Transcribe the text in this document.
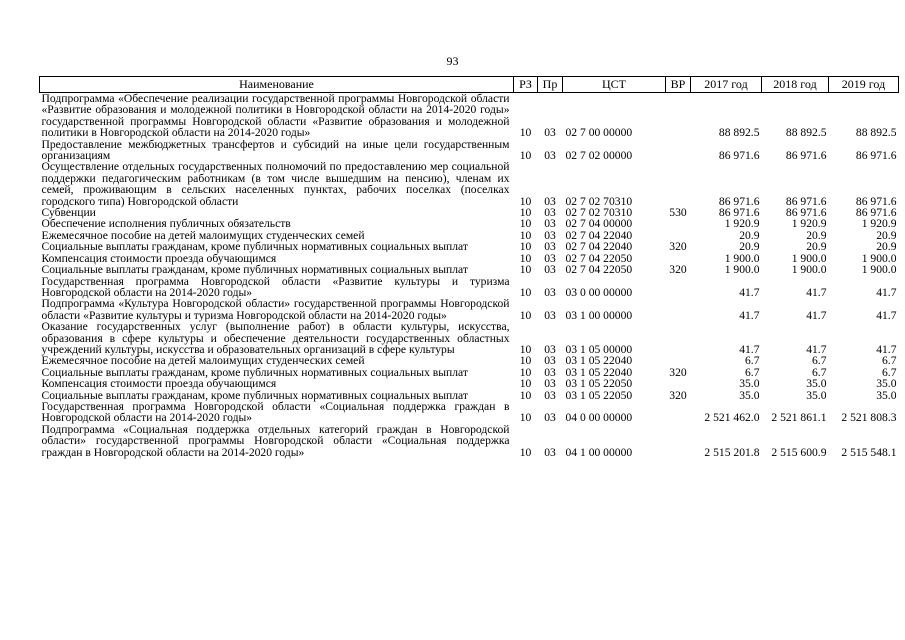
93
Наименование	РЗ	Пр	ЦСТ	ВР	2017 год	2018 год	2019 год
Подпрограмма «Обеспечение реализации государственной программы Новгородской области «Развитие образования и молодежной политики в Новгородской области на 2014-2020 годы» государственной программы Новгородской области «Развитие образования и молодежной политики в Новгородской области на 2014-2020 годы»	10	03	02 7 00 00000		88 892.5	88 892.5	88 892.5
Предоставление межбюджетных трансфертов и субсидий на иные цели государственным организациям	10	03	02 7 02 00000		86 971.6	86 971.6	86 971.6
Осуществление отдельных государственных полномочий по предоставлению мер социальной поддержки педагогическим работникам (в том числе вышедшим на пенсию), членам их семей, проживающим в сельских населенных пунктах, рабочих поселках (поселках городского типа) Новгородской области	10	03	02 7 02 70310		86 971.6	86 971.6	86 971.6
Субвенции	10	03	02 7 02 70310	530	86 971.6	86 971.6	86 971.6
Обеспечение исполнения публичных обязательств	10	03	02 7 04 00000		1 920.9	1 920.9	1 920.9
Ежемесячное пособие на детей малоимущих студенческих семей	10	03	02 7 04 22040		20.9	20.9	20.9
Социальные выплаты гражданам, кроме публичных нормативных социальных выплат	10	03	02 7 04 22040	320	20.9	20.9	20.9
Компенсация стоимости проезда обучающимся	10	03	02 7 04 22050		1 900.0	1 900.0	1 900.0
Социальные выплаты гражданам, кроме публичных нормативных социальных выплат	10	03	02 7 04 22050	320	1 900.0	1 900.0	1 900.0
Государственная программа Новгородской области «Развитие культуры и туризма Новгородской области на 2014-2020 годы»	10	03	03 0 00 00000		41.7	41.7	41.7
Подпрограмма «Культура Новгородской области» государственной программы Новгородской области «Развитие культуры и туризма Новгородской области на 2014-2020 годы»	10	03	03 1 00 00000		41.7	41.7	41.7
Оказание государственных услуг (выполнение работ) в области культуры, искусства, образования в сфере культуры и обеспечение деятельности государственных областных учреждений культуры, искусства и образовательных организаций в сфере культуры	10	03	03 1 05 00000		41.7	41.7	41.7
Ежемесячное пособие на детей малоимущих студенческих семей	10	03	03 1 05 22040		6.7	6.7	6.7
Социальные выплаты гражданам, кроме публичных нормативных социальных выплат	10	03	03 1 05 22040	320	6.7	6.7	6.7
Компенсация стоимости проезда обучающимся	10	03	03 1 05 22050		35.0	35.0	35.0
Социальные выплаты гражданам, кроме публичных нормативных социальных выплат	10	03	03 1 05 22050	320	35.0	35.0	35.0
Государственная программа Новгородской области «Социальная поддержка граждан в Новгородской области на 2014-2020 годы»	10	03	04 0 00 00000		2 521 462.0	2 521 861.1	2 521 808.3
Подпрограмма «Социальная поддержка отдельных категорий граждан в Новгородской области» государственной программы Новгородской области «Социальная поддержка граждан в Новгородской области на 2014-2020 годы»	10	03	04 1 00 00000		2 515 201.8	2 515 600.9	2 515 548.1
